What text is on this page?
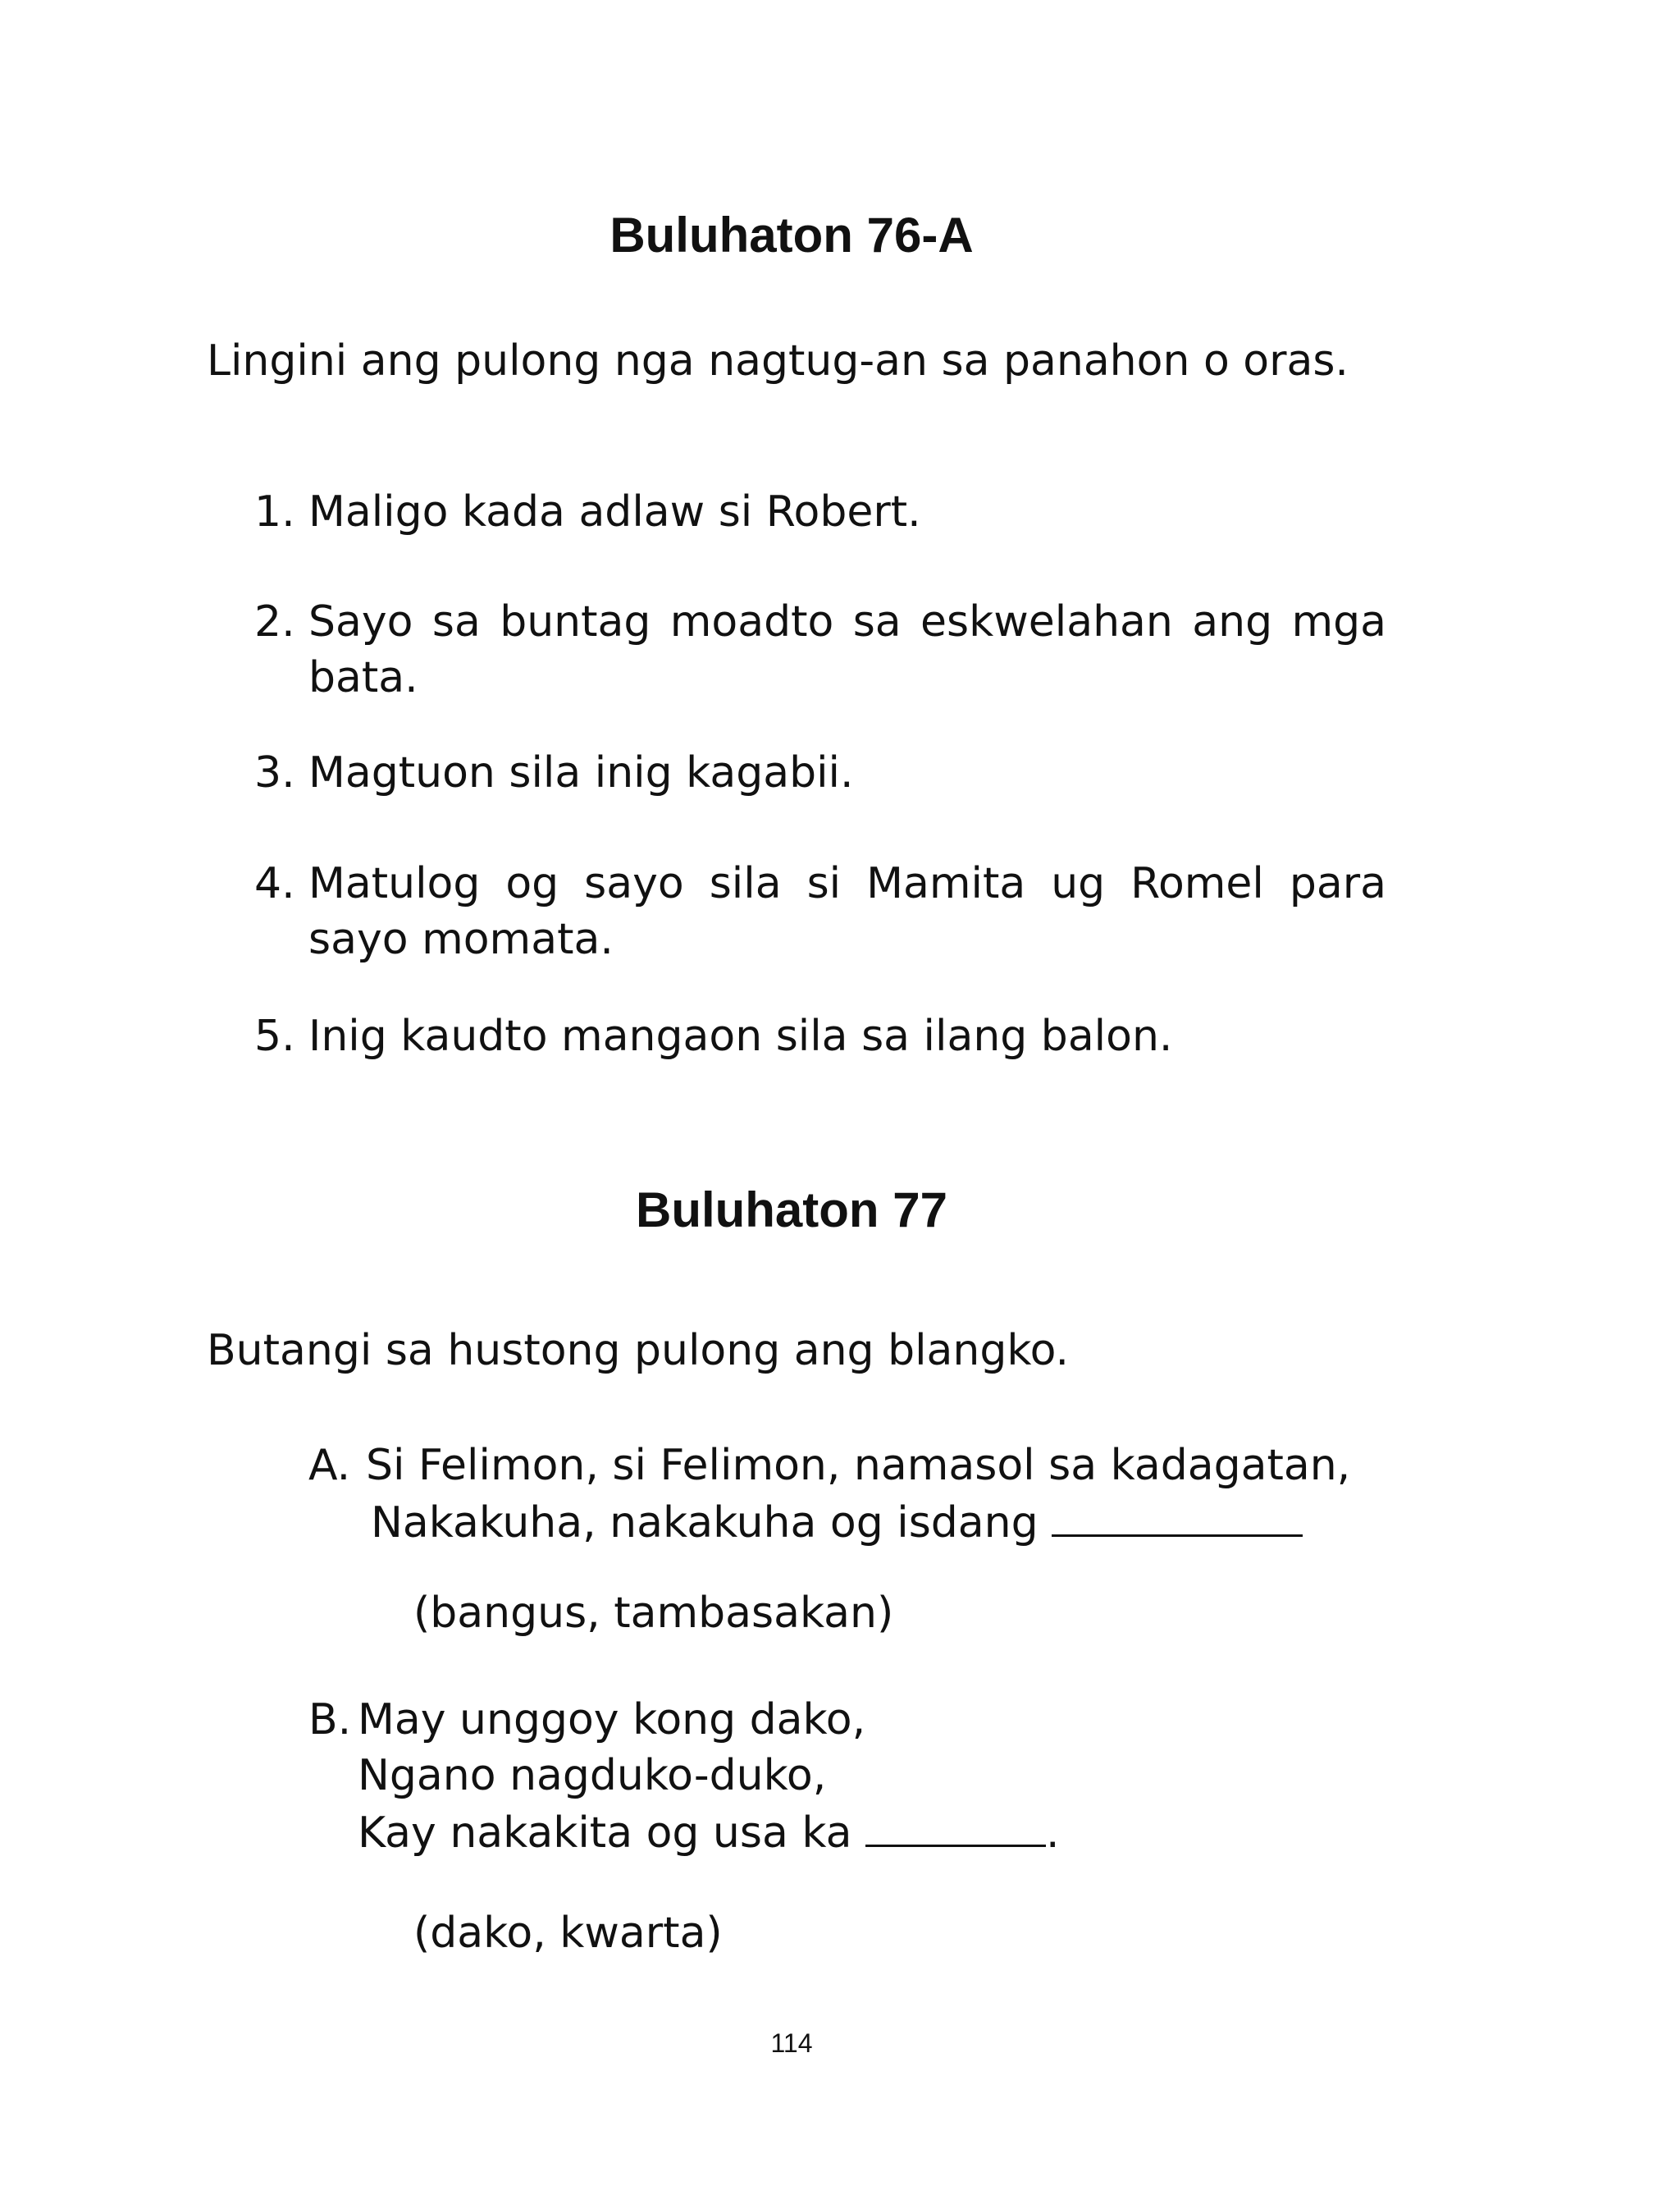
Buluhaton 76-A

Lingini ang pulong nga nagtug-an sa panahon o oras.

1. Maligo kada adlaw si Robert.
2. Sayo sa buntag moadto sa eskwelahan ang mga bata.
3. Magtuon sila inig kagabii.
4. Matulog og sayo sila si Mamita ug Romel para sayo momata.
5. Inig kaudto mangaon sila sa ilang balon.
Buluhaton 77

Butangi sa hustong pulong ang blangko.

A. Si Felimon, si Felimon, namasol sa kadagatan,
Nakakuha, nakakuha og isdang
(bangus, tambasakan)
B. May unggoy kong dako,
Ngano nagduko-duko,
Kay nakakita og usa ka	.
(dako, kwarta)
114
